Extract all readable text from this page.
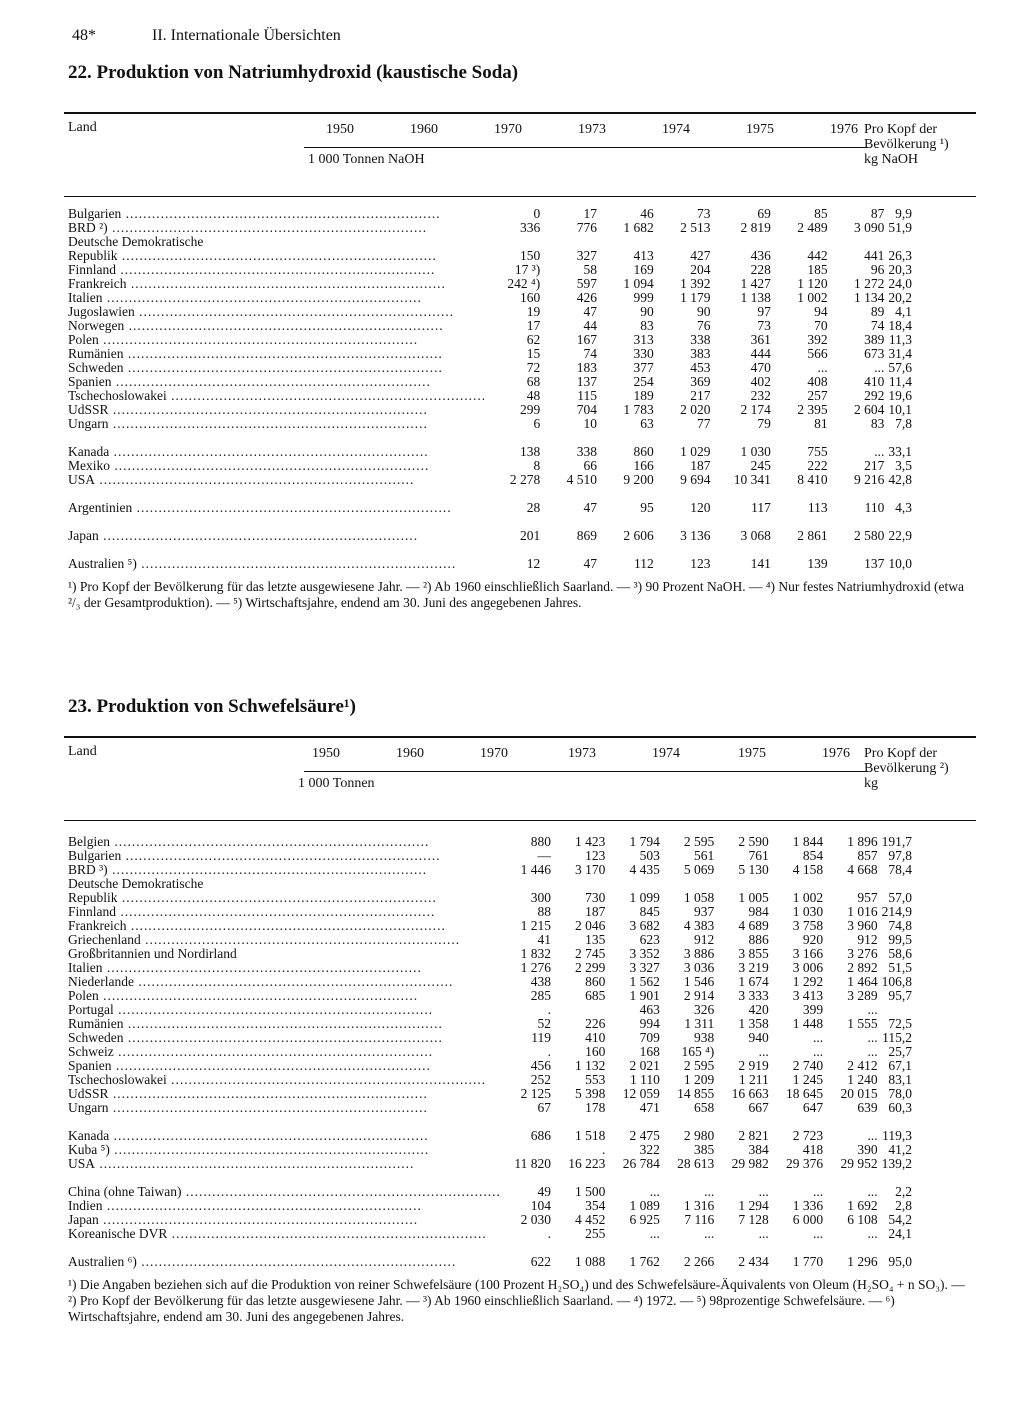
48*	II. Internationale Übersichten
22. Produktion von Natriumhydroxid (kaustische Soda)
Land	1950	1960	1970	1973	1974	1975	1976
1 000 Tonnen NaOH
Pro Kopf der Bevölkerung ¹) kg NaOH
Bulgarien .....	0	17	46	73	69	85	87	9,9
BRD ²) .....	336	776	1 682	2 513	2 819	2 489	3 090	51,9
Deutsche Demokratische								
Republik .....	150	327	413	427	436	442	441	26,3
Finnland .....	17 ³)	58	169	204	228	185	96	20,3
Frankreich .....	242 ⁴)	597	1 094	1 392	1 427	1 120	1 272	24,0
Italien .....	160	426	999	1 179	1 138	1 002	1 134	20,2
Jugoslawien .....	19	47	90	90	97	94	89	4,1
Norwegen .....	17	44	83	76	73	70	74	18,4
Polen .....	62	167	313	338	361	392	389	11,3
Rumänien .....	15	74	330	383	444	566	673	31,4
Schweden .....	72	183	377	453	470	...	...	57,6
Spanien .....	68	137	254	369	402	408	410	11,4
Tschechoslowakei .....	48	115	189	217	232	257	292	19,6
UdSSR .....	299	704	1 783	2 020	2 174	2 395	2 604	10,1
Ungarn .....	6	10	63	77	79	81	83	7,8

Kanada .....	138	338	860	1 029	1 030	755	...	33,1
Mexiko .....	8	66	166	187	245	222	217	3,5
USA .....	2 278	4 510	9 200	9 694	10 341	8 410	9 216	42,8

Argentinien .....	28	47	95	120	117	113	110	4,3

Japan .....	201	869	2 606	3 136	3 068	2 861	2 580	22,9

Australien ⁵) .....	12	47	112	123	141	139	137	10,0
¹) Pro Kopf der Bevölkerung für das letzte ausgewiesene Jahr. — ²) Ab 1960 einschließlich Saarland. — ³) 90 Prozent NaOH. — ⁴) Nur festes Natriumhydroxid (etwa ²/₃ der Gesamtproduktion). — ⁵) Wirtschaftsjahre, endend am 30. Juni des angegebenen Jahres.
23. Produktion von Schwefelsäure¹)
Land	1950	1960	1970	1973	1974	1975	1976
1 000 Tonnen
Pro Kopf der Bevölkerung ²) kg
Belgien .....	880	1 423	1 794	2 595	2 590	1 844	1 896	191,7
Bulgarien .....	—	123	503	561	761	854	857	97,8
BRD ³) .....	1 446	3 170	4 435	5 069	5 130	4 158	4 668	78,4
Deutsche Demokratische								
Republik .....	300	730	1 099	1 058	1 005	1 002	957	57,0
Finnland .....	88	187	845	937	984	1 030	1 016	214,9
Frankreich .....	1 215	2 046	3 682	4 383	4 689	3 758	3 960	74,8
Griechenland .....	41	135	623	912	886	920	912	99,5
Großbritannien und Nordirland	1 832	2 745	3 352	3 886	3 855	3 166	3 276	58,6
Italien .....	1 276	2 299	3 327	3 036	3 219	3 006	2 892	51,5
Niederlande .....	438	860	1 562	1 546	1 674	1 292	1 464	106,8
Polen .....	285	685	1 901	2 914	3 333	3 413	3 289	95,7
Portugal .....	.		463	326	420	399	...	
Rumänien .....	52	226	994	1 311	1 358	1 448	1 555	72,5
Schweden .....	119	410	709	938	940	...	...	115,2
Schweiz .....	.	160	168	165 ⁴)	...	...	...	25,7
Spanien .....	456	1 132	2 021	2 595	2 919	2 740	2 412	67,1
Tschechoslowakei .....	252	553	1 110	1 209	1 211	1 245	1 240	83,1
UdSSR .....	2 125	5 398	12 059	14 855	16 663	18 645	20 015	78,0
Ungarn .....	67	178	471	658	667	647	639	60,3

Kanada .....	686	1 518	2 475	2 980	2 821	2 723	...	119,3
Kuba ⁵) .....		.	322	385	384	418	390	41,2
USA .....	11 820	16 223	26 784	28 613	29 982	29 376	29 952	139,2

China (ohne Taiwan) .....	49	1 500	...	...	...	...	...	2,2
Indien .....	104	354	1 089	1 316	1 294	1 336	1 692	2,8
Japan .....	2 030	4 452	6 925	7 116	7 128	6 000	6 108	54,2
Koreanische DVR .....	.	255	...	...	...	...	...	24,1

Australien ⁶) .....	622	1 088	1 762	2 266	2 434	1 770	1 296	95,0
¹) Die Angaben beziehen sich auf die Produktion von reiner Schwefelsäure (100 Prozent H₂SO₄) und des Schwefelsäure-Äquivalents von Oleum (H₂SO₄ + n SO₃). — ²) Pro Kopf der Bevölkerung für das letzte ausgewiesene Jahr. — ³) Ab 1960 einschließlich Saarland. — ⁴) 1972. — ⁵) 98prozentige Schwefelsäure. — ⁶) Wirtschaftsjahre, endend am 30. Juni des angegebenen Jahres.
